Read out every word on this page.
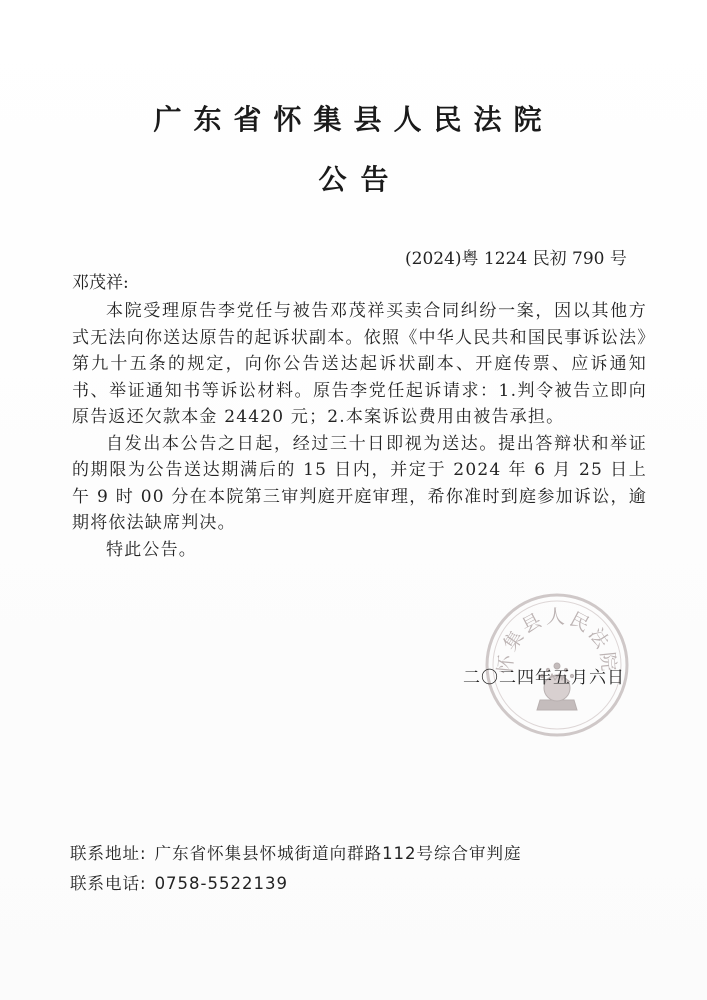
广东省怀集县人民法院
公告
(2024)粤 1224 民初 790 号
邓茂祥:

本院受理原告李党任与被告邓茂祥买卖合同纠纷一案，因以其他方式无法向你送达原告的起诉状副本。依照《中华人民共和国民事诉讼法》第九十五条的规定，向你公告送达起诉状副本、开庭传票、应诉通知书、举证通知书等诉讼材料。原告李党任起诉请求：1.判令被告立即向原告返还欠款本金 24420 元；2.本案诉讼费用由被告承担。

自发出本公告之日起，经过三十日即视为送达。提出答辩状和举证的期限为公告送达期满后的 15 日内，并定于 2024 年 6 月 25 日上午 9 时 00 分在本院第三审判庭开庭审理，希你准时到庭参加诉讼，逾期将依法缺席判决。

特此公告。

怀集县人民法院
二〇二四年五月六日
联系地址: 广东省怀集县怀城街道向群路112号综合审判庭
联系电话: 0758-5522139
